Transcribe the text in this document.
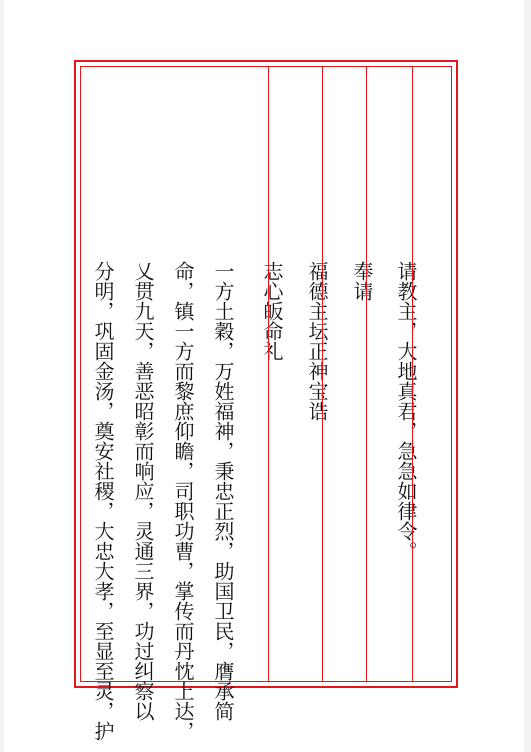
请教主，大地真君，急急如律令。

奉请

福德主坛正神宝诰

志心皈命礼

一方土穀，万姓福神，秉忠正烈，助国卫民，膺承简

命，镇一方而黎庶仰瞻，司职功曹，掌传而丹忱上达，

乂贯九天，善恶昭彰而响应，灵通三界，功过纠察以

分明，巩固金汤，奠安社稷，大忠大孝，至显至灵，护
